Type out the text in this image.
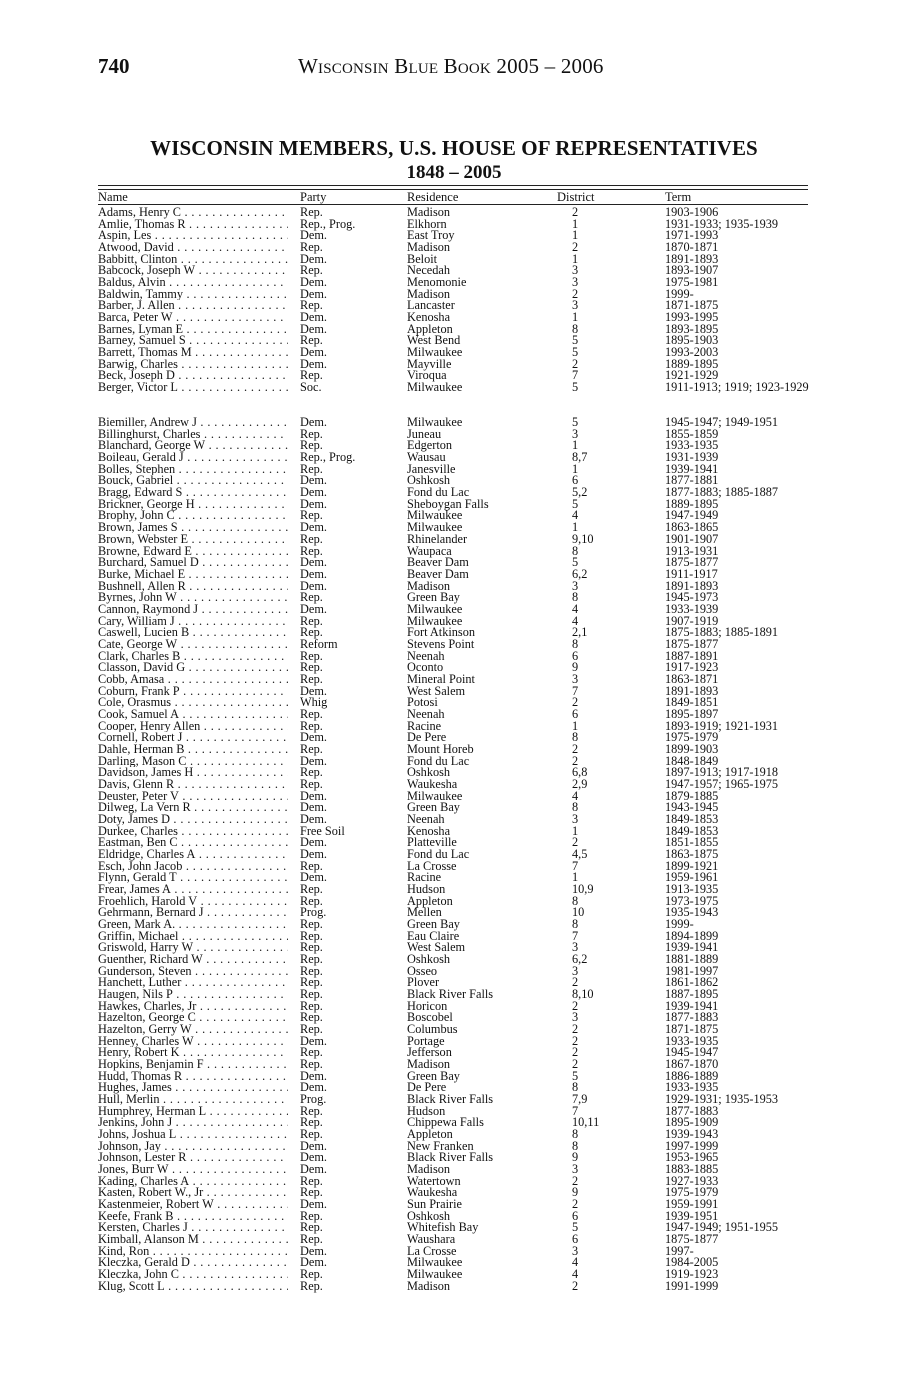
740	Wisconsin Blue Book 2005 – 2006
WISCONSIN MEMBERS, U.S. HOUSE OF REPRESENTATIVES
1848 – 2005
Name	Party	Residence	District	Term
Adams, Henry C . . .	Rep.	Madison	2	1903-1906
Amlie, Thomas R . . .	Rep., Prog.	Elkhorn	1	1931-1933; 1935-1939
Aspin, Les . . .	Dem.	East Troy	1	1971-1993
Atwood, David . . .	Rep.	Madison	2	1870-1871
Babbitt, Clinton . . .	Dem.	Beloit	1	1891-1893
Babcock, Joseph W . . .	Rep.	Necedah	3	1893-1907
Baldus, Alvin . . .	Dem.	Menomonie	3	1975-1981
Baldwin, Tammy . . .	Dem.	Madison	2	1999-
Barber, J. Allen . . .	Rep.	Lancaster	3	1871-1875
Barca, Peter W . . .	Dem.	Kenosha	1	1993-1995
Barnes, Lyman E . . .	Dem.	Appleton	8	1893-1895
Barney, Samuel S . . .	Rep.	West Bend	5	1895-1903
Barrett, Thomas M . . .	Dem.	Milwaukee	5	1993-2003
Barwig, Charles . . .	Dem.	Mayville	2	1889-1895
Beck, Joseph D . . .	Rep.	Viroqua	7	1921-1929
Berger, Victor L . . .	Soc.	Milwaukee	5	1911-1913; 1919; 1923-1929
Biemiller, Andrew J . . .	Dem.	Milwaukee	5	1945-1947; 1949-1951
Billinghurst, Charles . . .	Rep.	Juneau	3	1855-1859
Blanchard, George W . . .	Rep.	Edgerton	1	1933-1935
Boileau, Gerald J . . .	Rep., Prog.	Wausau	8,7	1931-1939
Bolles, Stephen . . .	Rep.	Janesville	1	1939-1941
Bouck, Gabriel . . .	Dem.	Oshkosh	6	1877-1881
Bragg, Edward S . . .	Dem.	Fond du Lac	5,2	1877-1883; 1885-1887
Brickner, George H . . .	Dem.	Sheboygan Falls	5	1889-1895
Brophy, John C . . .	Rep.	Milwaukee	4	1947-1949
Brown, James S . . .	Dem.	Milwaukee	1	1863-1865
Brown, Webster E . . .	Rep.	Rhinelander	9,10	1901-1907
Browne, Edward E . . .	Rep.	Waupaca	8	1913-1931
Burchard, Samuel D . . .	Dem.	Beaver Dam	5	1875-1877
Burke, Michael E . . .	Dem.	Beaver Dam	6,2	1911-1917
Bushnell, Allen R . . .	Dem.	Madison	3	1891-1893
Byrnes, John W . . .	Rep.	Green Bay	8	1945-1973
Cannon, Raymond J . . .	Dem.	Milwaukee	4	1933-1939
Cary, William J . . .	Rep.	Milwaukee	4	1907-1919
Caswell, Lucien B . . .	Rep.	Fort Atkinson	2,1	1875-1883; 1885-1891
Cate, George W . . .	Reform	Stevens Point	8	1875-1877
Clark, Charles B . . .	Rep.	Neenah	6	1887-1891
Classon, David G . . .	Rep.	Oconto	9	1917-1923
Cobb, Amasa . . .	Rep.	Mineral Point	3	1863-1871
Coburn, Frank P . . .	Dem.	West Salem	7	1891-1893
Cole, Orasmus . . .	Whig	Potosi	2	1849-1851
Cook, Samuel A . . .	Rep.	Neenah	6	1895-1897
Cooper, Henry Allen . . .	Rep.	Racine	1	1893-1919; 1921-1931
Cornell, Robert J . . .	Dem.	De Pere	8	1975-1979
Dahle, Herman B . . .	Rep.	Mount Horeb	2	1899-1903
Darling, Mason C . . .	Dem.	Fond du Lac	2	1848-1849
Davidson, James H . . .	Rep.	Oshkosh	6,8	1897-1913; 1917-1918
Davis, Glenn R . . .	Rep.	Waukesha	2,9	1947-1957; 1965-1975
Deuster, Peter V . . .	Dem.	Milwaukee	4	1879-1885
Dilweg, La Vern R . . .	Dem.	Green Bay	8	1943-1945
Doty, James D . . .	Dem.	Neenah	3	1849-1853
Durkee, Charles . . .	Free Soil	Kenosha	1	1849-1853
Eastman, Ben C . . .	Dem.	Platteville	2	1851-1855
Eldridge, Charles A . . .	Dem.	Fond du Lac	4,5	1863-1875
Esch, John Jacob . . .	Rep.	La Crosse	7	1899-1921
Flynn, Gerald T . . .	Dem.	Racine	1	1959-1961
Frear, James A . . .	Rep.	Hudson	10,9	1913-1935
Froehlich, Harold V . . .	Rep.	Appleton	8	1973-1975
Gehrmann, Bernard J . . .	Prog.	Mellen	10	1935-1943
Green, Mark A. . . .	Rep.	Green Bay	8	1999-
Griffin, Michael . . .	Rep.	Eau Claire	7	1894-1899
Griswold, Harry W . . .	Rep.	West Salem	3	1939-1941
Guenther, Richard W . . .	Rep.	Oshkosh	6,2	1881-1889
Gunderson, Steven . . .	Rep.	Osseo	3	1981-1997
Hanchett, Luther . . .	Rep.	Plover	2	1861-1862
Haugen, Nils P . . .	Rep.	Black River Falls	8,10	1887-1895
Hawkes, Charles, Jr . . .	Rep.	Horicon	2	1939-1941
Hazelton, George C . . .	Rep.	Boscobel	3	1877-1883
Hazelton, Gerry W . . .	Rep.	Columbus	2	1871-1875
Henney, Charles W . . .	Dem.	Portage	2	1933-1935
Henry, Robert K . . .	Rep.	Jefferson	2	1945-1947
Hopkins, Benjamin F . . .	Rep.	Madison	2	1867-1870
Hudd, Thomas R . . .	Dem.	Green Bay	5	1886-1889
Hughes, James . . .	Dem.	De Pere	8	1933-1935
Hull, Merlin . . .	Prog.	Black River Falls	7,9	1929-1931; 1935-1953
Humphrey, Herman L . . .	Rep.	Hudson	7	1877-1883
Jenkins, John J . . .	Rep.	Chippewa Falls	10,11	1895-1909
Johns, Joshua L . . .	Rep.	Appleton	8	1939-1943
Johnson, Jay . . .	Dem.	New Franken	8	1997-1999
Johnson, Lester R . . .	Dem.	Black River Falls	9	1953-1965
Jones, Burr W . . .	Dem.	Madison	3	1883-1885
Kading, Charles A . . .	Rep.	Watertown	2	1927-1933
Kasten, Robert W., Jr . . .	Rep.	Waukesha	9	1975-1979
Kastenmeier, Robert W . . .	Dem.	Sun Prairie	2	1959-1991
Keefe, Frank B . . .	Rep.	Oshkosh	6	1939-1951
Kersten, Charles J . . .	Rep.	Whitefish Bay	5	1947-1949; 1951-1955
Kimball, Alanson M . . .	Rep.	Waushara	6	1875-1877
Kind, Ron . . .	Dem.	La Crosse	3	1997-
Kleczka, Gerald D . . .	Dem.	Milwaukee	4	1984-2005
Kleczka, John C . . .	Rep.	Milwaukee	4	1919-1923
Klug, Scott L . . .	Rep.	Madison	2	1991-1999
